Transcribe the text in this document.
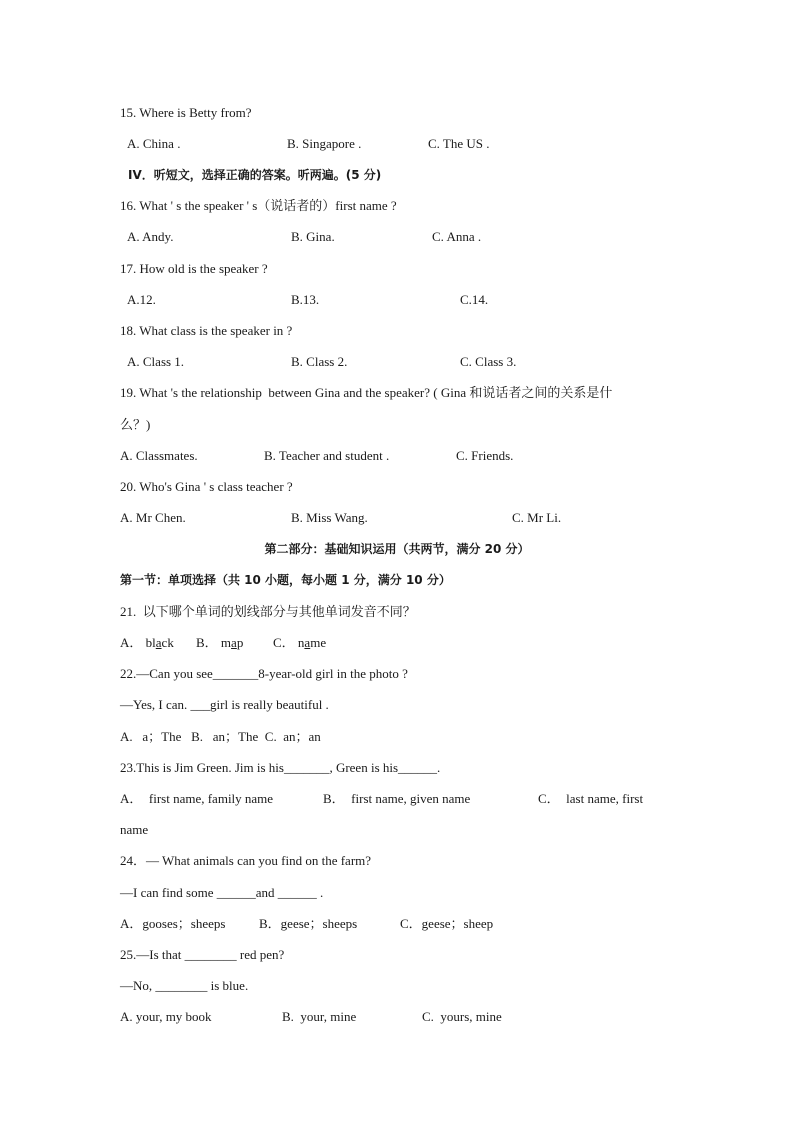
15. Where is Betty from?
A. China .	B. Singapore .	C. The US .
IV．听短文，选择正确的答案。听两遍。(5 分)
16. What ' s the speaker ' s（说话者的）first name ?
A. Andy.	B. Gina.	C. Anna .
17. How old is the speaker ?
A.12.	B.13.	C.14.
18. What class is the speaker in ?
A. Class 1.	B. Class 2.	C. Class 3.
19. What 's the relationship  between Gina and the speaker? ( Gina 和说话者之间的关系是什
么？)
A. Classmates.	B. Teacher and student .	C. Friends.
20. Who's Gina ' s class teacher ?
A. Mr Chen.	B. Miss Wang.	C. Mr Li.
第二部分：基础知识运用（共两节，满分 20 分）
第一节：单项选择（共 10 小题，每小题 1 分，满分 10 分）
21.  以下哪个单词的划线部分与其他单词发音不同？
A． black B． map C． name
22.—Can you see_______8-year-old girl in the photo ?
—Yes, I can. ___girl is really beautiful .
A.   a；The   B.   an；The  C.  an；an
23.This is Jim Green. Jim is his_______, Green is his______.
A．  first name, family name	B．  first name, given name	C．  last name, first
name
24．— What animals can you find on the farm?
—I can find some ______and ______ .
A．gooses；sheeps	B．geese；sheeps	C．geese；sheep
25.—Is that ________ red pen?
—No, ________ is blue.
A. your, my book	B.  your, mine	C.  yours, mine
